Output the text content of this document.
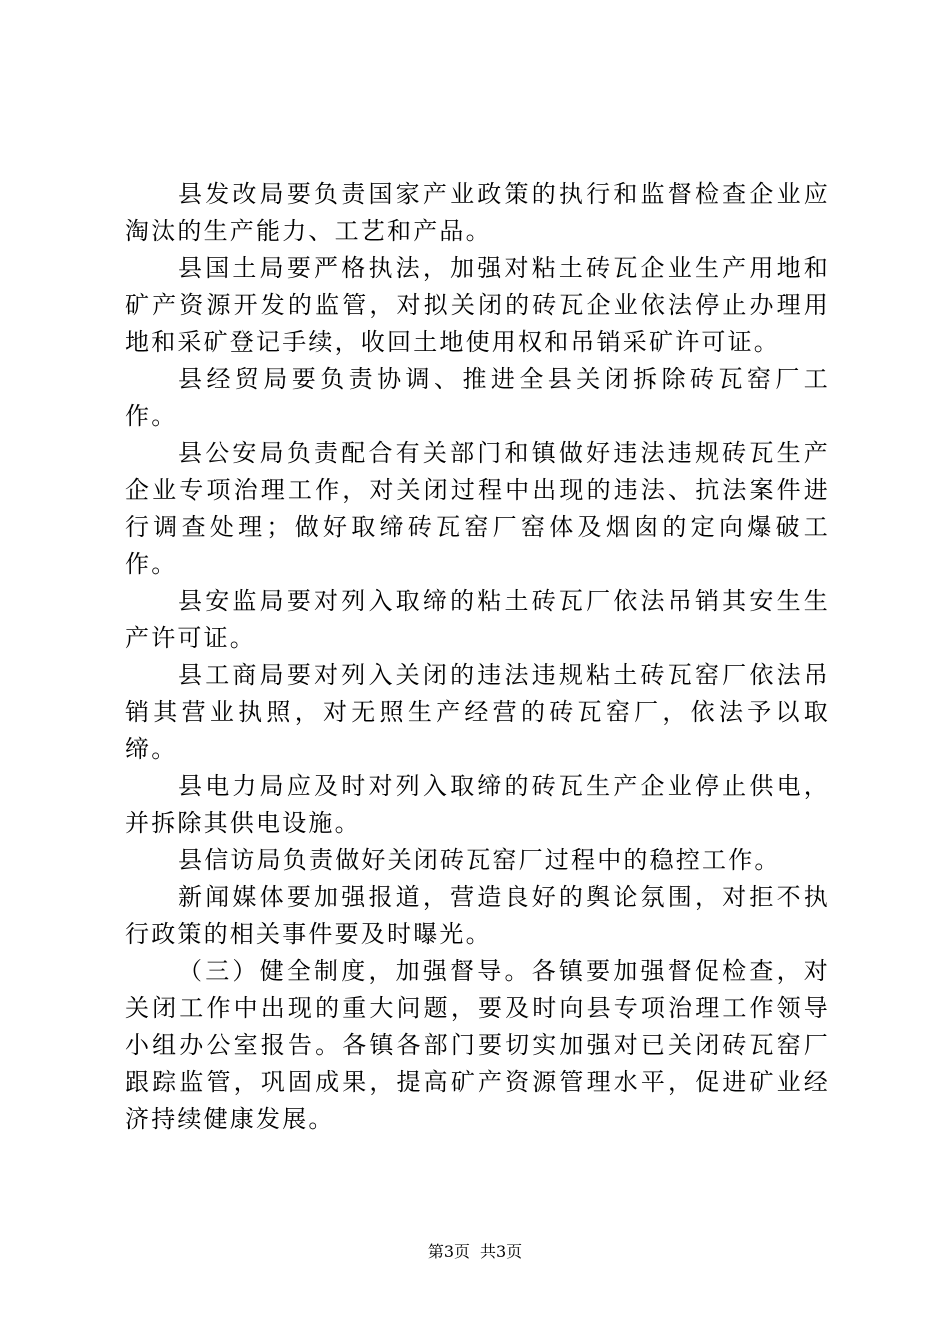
县发改局要负责国家产业政策的执行和监督检查企业应淘汰的生产能力、工艺和产品。

县国土局要严格执法，加强对粘土砖瓦企业生产用地和矿产资源开发的监管，对拟关闭的砖瓦企业依法停止办理用地和采矿登记手续，收回土地使用权和吊销采矿许可证。

县经贸局要负责协调、推进全县关闭拆除砖瓦窑厂工作。

县公安局负责配合有关部门和镇做好违法违规砖瓦生产企业专项治理工作，对关闭过程中出现的违法、抗法案件进行调查处理；做好取缔砖瓦窑厂窑体及烟囱的定向爆破工作。

县安监局要对列入取缔的粘土砖瓦厂依法吊销其安生生产许可证。

县工商局要对列入关闭的违法违规粘土砖瓦窑厂依法吊销其营业执照，对无照生产经营的砖瓦窑厂，依法予以取缔。

县电力局应及时对列入取缔的砖瓦生产企业停止供电，并拆除其供电设施。

县信访局负责做好关闭砖瓦窑厂过程中的稳控工作。

新闻媒体要加强报道，营造良好的舆论氛围，对拒不执行政策的相关事件要及时曝光。

（三）健全制度，加强督导。各镇要加强督促检查，对关闭工作中出现的重大问题，要及时向县专项治理工作领导小组办公室报告。各镇各部门要切实加强对已关闭砖瓦窑厂跟踪监管，巩固成果，提高矿产资源管理水平，促进矿业经济持续健康发展。

第3页 共3页
